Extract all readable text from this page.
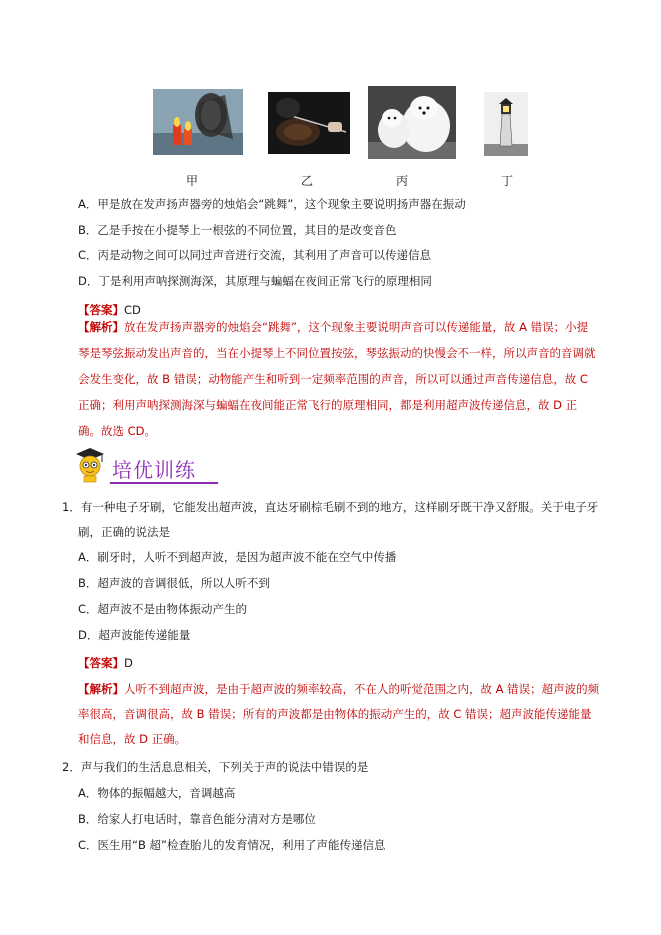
甲	乙	丙	丁
A．甲是放在发声扬声器旁的烛焰会“跳舞”，这个现象主要说明扬声器在振动
B．乙是手按在小提琴上一根弦的不同位置，其目的是改变音色
C．丙是动物之间可以同过声音进行交流，其利用了声音可以传递信息
D．丁是利用声呐探测海深，其原理与蝙蝠在夜间正常飞行的原理相同
【答案】CD
【解析】放在发声扬声器旁的烛焰会“跳舞”，这个现象主要说明声音可以传递能量，故 A 错误；小提琴是琴弦振动发出声音的，当在小提琴上不同位置按弦，琴弦振动的快慢会不一样，所以声音的音调就会发生变化，故 B 错误；动物能产生和听到一定频率范围的声音，所以可以通过声音传递信息，故 C 正确；利用声呐探测海深与蝙蝠在夜间能正常飞行的原理相同，都是利用超声波传递信息，故 D 正确。故选 CD。
培优训练
1．有一种电子牙刷，它能发出超声波，直达牙刷棕毛刷不到的地方，这样刷牙既干净又舒服。关于电子牙
刷，正确的说法是
A．刷牙时，人听不到超声波，是因为超声波不能在空气中传播
B．超声波的音调很低，所以人听不到
C．超声波不是由物体振动产生的
D．超声波能传递能量
【答案】D
【解析】人听不到超声波，是由于超声波的频率较高，不在人的听觉范围之内，故 A 错误；超声波的频率很高，音调很高，故 B 错误；所有的声波都是由物体的振动产生的，故 C 错误；超声波能传递能量和信息，故 D 正确。
2．声与我们的生活息息相关，下列关于声的说法中错误的是
A．物体的振幅越大，音调越高
B．给家人打电话时，靠音色能分清对方是哪位
C．医生用“B 超”检查胎儿的发育情况，利用了声能传递信息
